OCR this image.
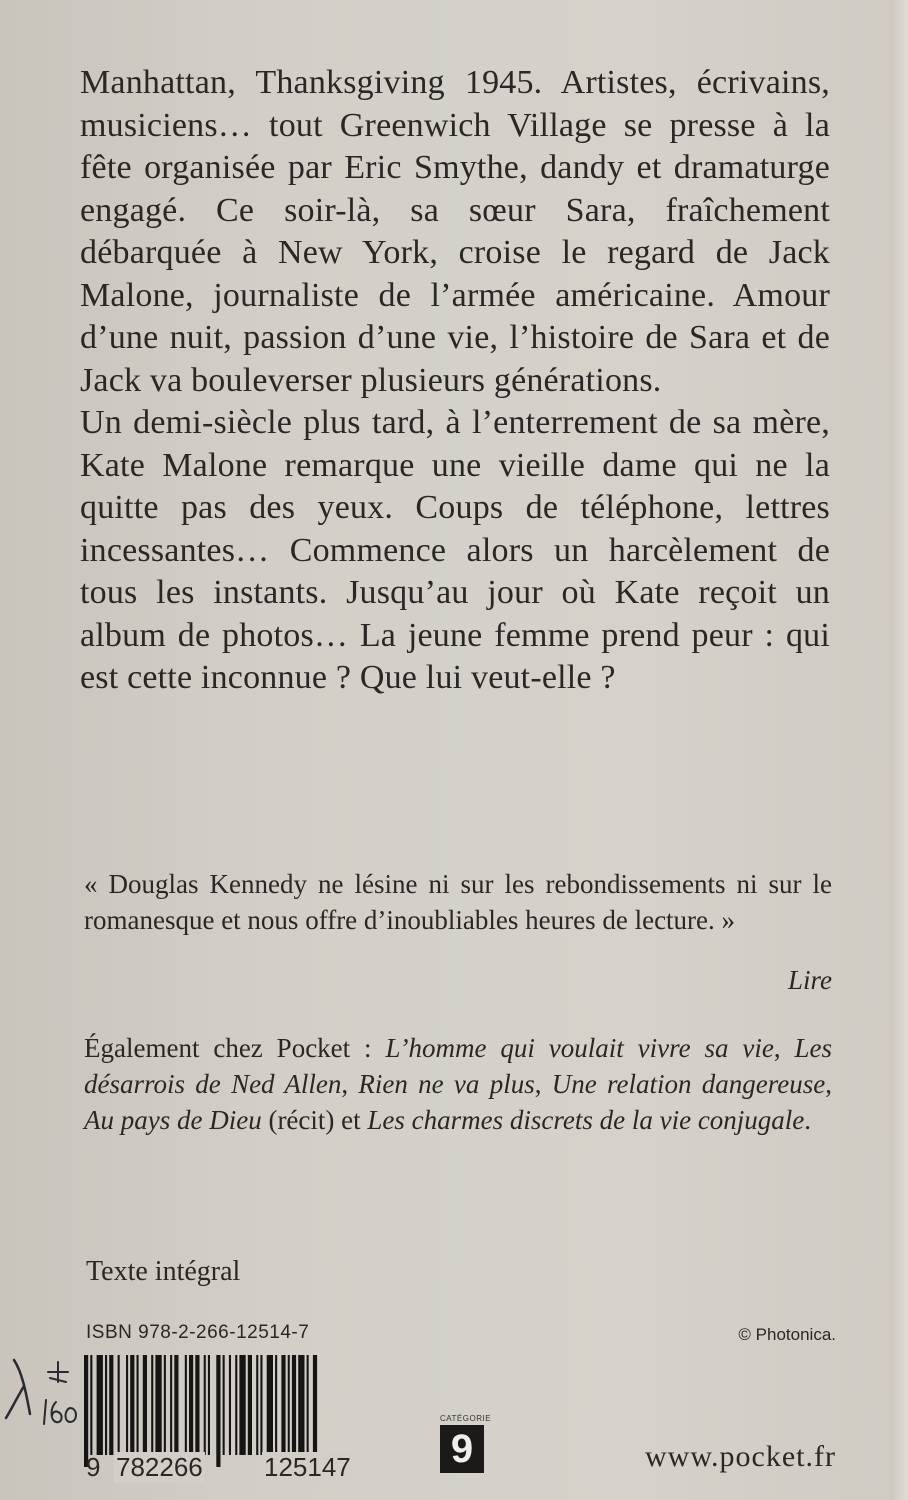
Manhattan, Thanksgiving 1945. Artistes, écrivains, musiciens… tout Greenwich Village se presse à la fête organisée par Eric Smythe, dandy et dramaturge engagé. Ce soir-là, sa sœur Sara, fraîchement débarquée à New York, croise le regard de Jack Malone, journaliste de l’armée américaine. Amour d’une nuit, passion d’une vie, l’histoire de Sara et de Jack va bouleverser plusieurs générations.

Un demi-siècle plus tard, à l’enterrement de sa mère, Kate Malone remarque une vieille dame qui ne la quitte pas des yeux. Coups de téléphone, lettres incessantes… Commence alors un harcèlement de tous les instants. Jusqu’au jour où Kate reçoit un album de photos… La jeune femme prend peur : qui est cette inconnue ? Que lui veut-elle ?

« Douglas Kennedy ne lésine ni sur les rebondissements ni sur le romanesque et nous offre d’inoubliables heures de lecture. »

Lire
Également chez Pocket : L’homme qui voulait vivre sa vie, Les désarrois de Ned Allen, Rien ne va plus, Une relation dangereuse, Au pays de Dieu (récit) et Les charmes discrets de la vie conjugale.
Texte intégral
ISBN 978-2-266-12514-7	© Photonica.
9 782266 125147
CATÉGORIE
9	www.pocket.fr
